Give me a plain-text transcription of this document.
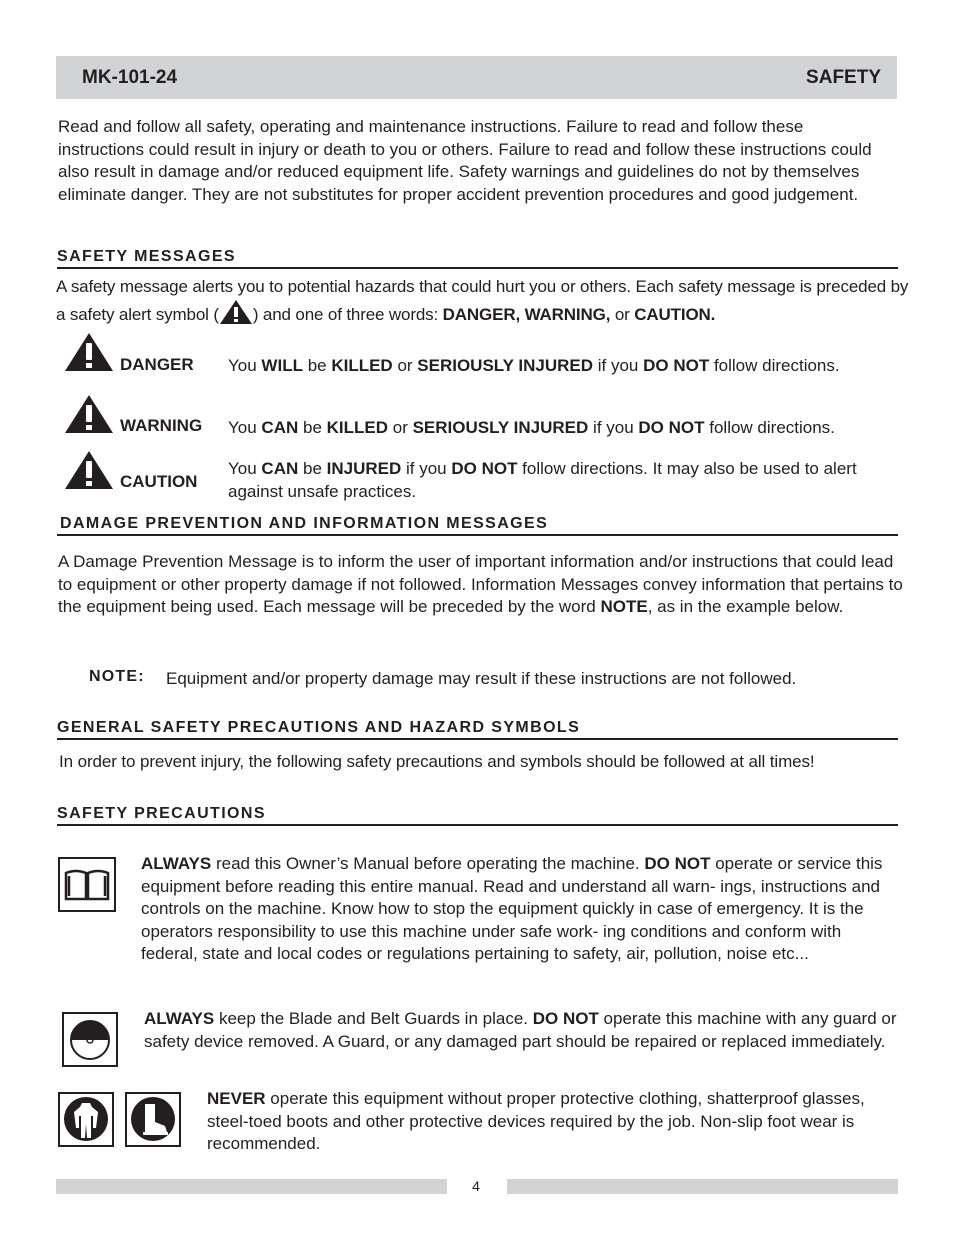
MK-101-24	SAFETY
Read and follow all safety, operating and maintenance instructions. Failure to read and follow these instructions could result in injury or death to you or others. Failure to read and follow these instructions could also result in damage and/or reduced equipment life. Safety warnings and guidelines do not by themselves eliminate danger. They are not substitutes for proper accident prevention procedures and good judgement.
SAFETY MESSAGES
A safety message alerts you to potential hazards that could hurt you or others. Each safety message is preceded by a safety alert symbol ( ) and one of three words: DANGER, WARNING, or CAUTION.
DANGER You WILL be KILLED or SERIOUSLY INJURED if you DO NOT follow directions.
WARNING You CAN be KILLED or SERIOUSLY INJURED if you DO NOT follow directions.
CAUTION
You CAN be INJURED if you DO NOT follow directions. It may also be used to alert against unsafe practices.
DAMAGE PREVENTION AND INFORMATION MESSAGES
A Damage Prevention Message is to inform the user of important information and/or instructions that could lead to equipment or other property damage if not followed. Information Messages convey information that pertains to the equipment being used. Each message will be preceded by the word NOTE, as in the example below.
NOTE: Equipment and/or property damage may result if these instructions are not followed.
GENERAL SAFETY PRECAUTIONS AND HAZARD SYMBOLS
In order to prevent injury, the following safety precautions and symbols should be followed at all times!
SAFETY PRECAUTIONS
ALWAYS read this Owner’s Manual before operating the machine. DO NOT operate or service this equipment before reading this entire manual. Read and understand all warn- ings, instructions and controls on the machine. Know how to stop the equipment quickly in case of emergency. It is the operators responsibility to use this machine under safe work- ing conditions and conform with federal, state and local codes or regulations pertaining to safety, air, pollution, noise etc...
ALWAYS keep the Blade and Belt Guards in place. DO NOT operate this machine with any guard or safety device removed. A Guard, or any damaged part should be repaired or replaced immediately.
NEVER operate this equipment without proper protective clothing, shatterproof glasses, steel-toed boots and other protective devices required by the job. Non-slip foot wear is recommended.
4
